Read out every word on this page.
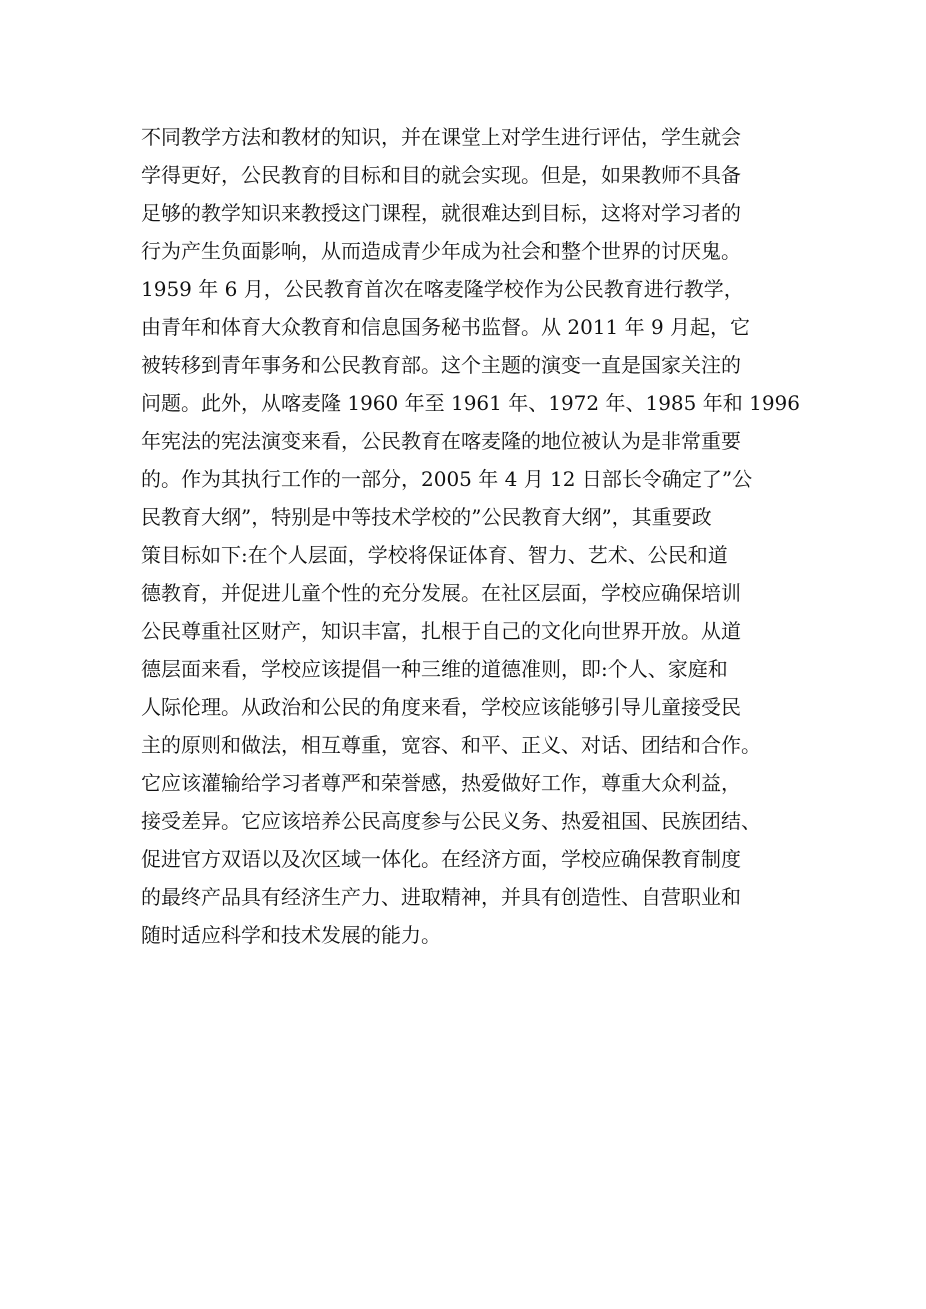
不同教学方法和教材的知识，并在课堂上对学生进行评估，学生就会
学得更好，公民教育的目标和目的就会实现。但是，如果教师不具备
足够的教学知识来教授这门课程，就很难达到目标，这将对学习者的
行为产生负面影响，从而造成青少年成为社会和整个世界的讨厌鬼。
1959 年 6 月，公民教育首次在喀麦隆学校作为公民教育进行教学，
由青年和体育大众教育和信息国务秘书监督。从 2011 年 9 月起，它
被转移到青年事务和公民教育部。这个主题的演变一直是国家关注的
问题。此外，从喀麦隆 1960 年至 1961 年、1972 年、1985 年和 1996
年宪法的宪法演变来看，公民教育在喀麦隆的地位被认为是非常重要
的。作为其执行工作的一部分，2005 年 4 月 12 日部长令确定了”公
民教育大纲”，特别是中等技术学校的”公民教育大纲”，其重要政
策目标如下:在个人层面，学校将保证体育、智力、艺术、公民和道
德教育，并促进儿童个性的充分发展。在社区层面，学校应确保培训
公民尊重社区财产，知识丰富，扎根于自己的文化向世界开放。从道
德层面来看，学校应该提倡一种三维的道德准则，即:个人、家庭和
人际伦理。从政治和公民的角度来看，学校应该能够引导儿童接受民
主的原则和做法，相互尊重，宽容、和平、正义、对话、团结和合作。
它应该灌输给学习者尊严和荣誉感，热爱做好工作，尊重大众利益，
接受差异。它应该培养公民高度参与公民义务、热爱祖国、民族团结、
促进官方双语以及次区域一体化。在经济方面，学校应确保教育制度
的最终产品具有经济生产力、进取精神，并具有创造性、自营职业和
随时适应科学和技术发展的能力。
